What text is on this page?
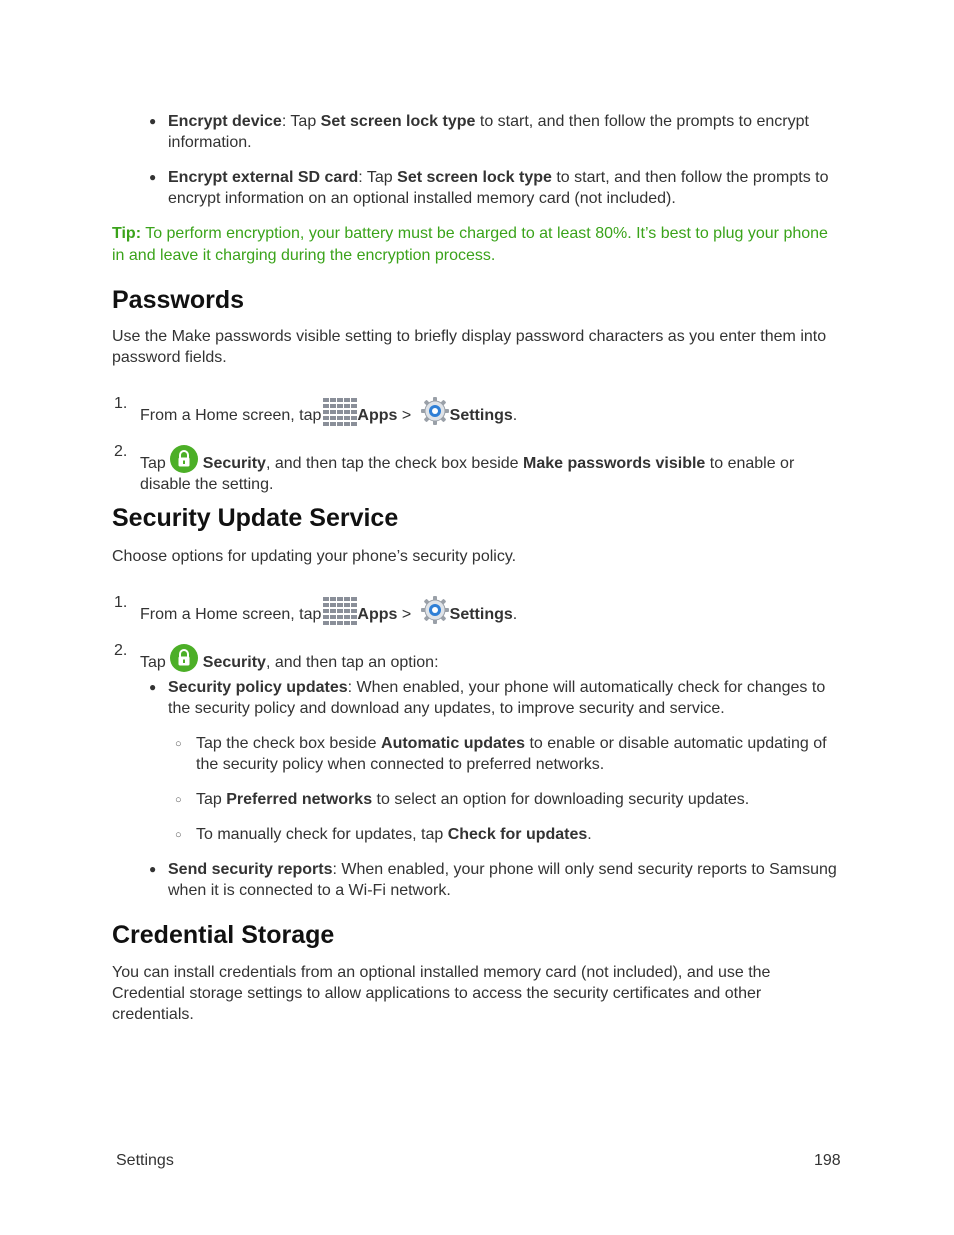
● Encrypt device: Tap Set screen lock type to start, and then follow the prompts to encrypt information.
● Encrypt external SD card: Tap Set screen lock type to start, and then follow the prompts to encrypt information on an optional installed memory card (not included).
Tip: To perform encryption, your battery must be charged to at least 80%. It’s best to plug your phone in and leave it charging during the encryption process.
Passwords
Use the Make passwords visible setting to briefly display password characters as you enter them into password fields.
1.
From a Home screen, tap Apps > Settings.
2.
Tap Security, and then tap the check box beside Make passwords visible to enable or disable the setting.
Security Update Service
Choose options for updating your phone’s security policy.
1.
From a Home screen, tap Apps > Settings.
2.
Tap Security, and then tap an option:
● Security policy updates: When enabled, your phone will automatically check for changes to the security policy and download any updates, to improve security and service.
○ Tap the check box beside Automatic updates to enable or disable automatic updating of the security policy when connected to preferred networks.
○ Tap Preferred networks to select an option for downloading security updates.
○ To manually check for updates, tap Check for updates.
● Send security reports: When enabled, your phone will only send security reports to Samsung when it is connected to a Wi-Fi network.
Credential Storage
You can install credentials from an optional installed memory card (not included), and use the Credential storage settings to allow applications to access the security certificates and other credentials.
Settings	198
